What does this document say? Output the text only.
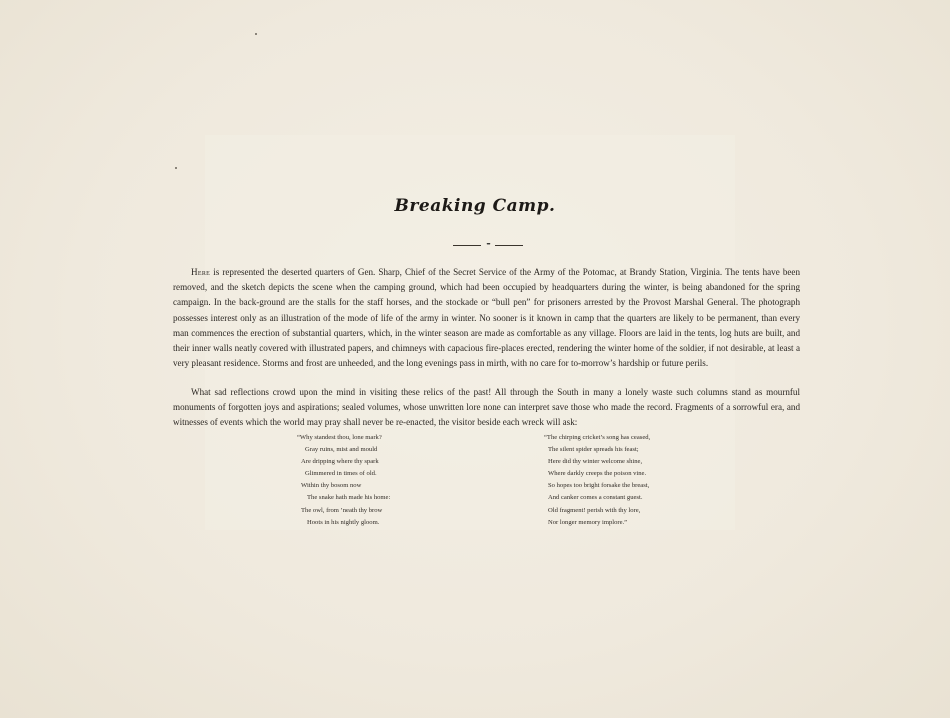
Breaking Camp.
•••

Here is represented the deserted quarters of Gen. Sharp, Chief of the Secret Service of the Army of the Potomac, at Brandy Station, Virginia. The tents have been removed, and the sketch depicts the scene when the camping ground, which had been occupied by headquarters during the winter, is being abandoned for the spring campaign. In the back-ground are the stalls for the staff horses, and the stockade or “bull pen” for prisoners arrested by the Provost Marshal General. The photograph possesses interest only as an illustration of the mode of life of the army in winter. No sooner is it known in camp that the quarters are likely to be permanent, than every man commences the erection of substantial quarters, which, in the winter season are made as comfortable as any village. Floors are laid in the tents, log huts are built, and their inner walls neatly covered with illustrated papers, and chimneys with capacious fire-places erected, rendering the winter home of the soldier, if not desirable, at least a very pleasant residence. Storms and frost are unheeded, and the long evenings pass in mirth, with no care for to-morrow’s hardship or future perils.

What sad reflections crowd upon the mind in visiting these relics of the past! All through the South in many a lonely waste such columns stand as mournful monuments of forgotten joys and aspirations; sealed volumes, whose unwritten lore none can interpret save those who made the record. Fragments of a sorrowful era, and witnesses of events which the world may pray shall never be re-enacted, the visitor beside each wreck will ask:

“Why standest thou, lone mark?
Gray ruins, mist and mould
Are dripping where thy spark
Glimmered in times of old.
Within thy bosom now
The snake hath made his home:
The owl, from ’neath thy brow
Hoots in his nightly gloom.
“The chirping cricket’s song has ceased,
The silent spider spreads his feast;
Here did thy winter welcome shine,
Where darkly creeps the poison vine.
So hopes too bright forsake the breast,
And canker comes a constant guest.
Old fragment! perish with thy lore,
Nor longer memory implore.”
